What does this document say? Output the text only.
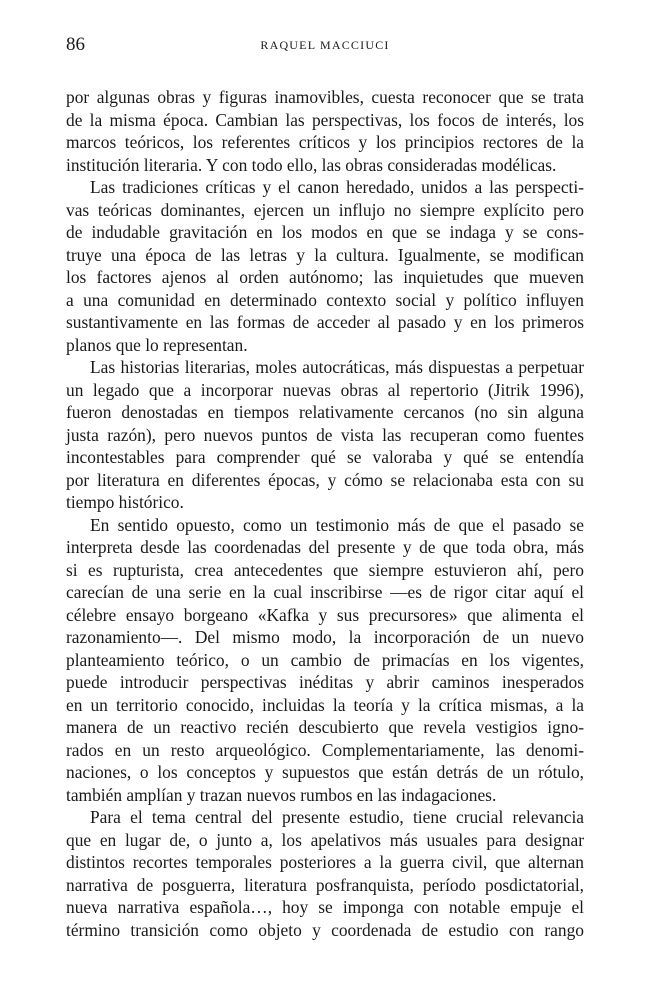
86	RAQUEL MACCIUCI
por algunas obras y figuras inamovibles, cuesta reconocer que se trata
de la misma época. Cambian las perspectivas, los focos de interés, los
marcos teóricos, los referentes críticos y los principios rectores de la
institución literaria. Y con todo ello, las obras consideradas modélicas.
Las tradiciones críticas y el canon heredado, unidos a las perspecti-
vas teóricas dominantes, ejercen un influjo no siempre explícito pero
de indudable gravitación en los modos en que se indaga y se cons-
truye una época de las letras y la cultura. Igualmente, se modifican
los factores ajenos al orden autónomo; las inquietudes que mueven
a una comunidad en determinado contexto social y político influyen
sustantivamente en las formas de acceder al pasado y en los primeros
planos que lo representan.
Las historias literarias, moles autocráticas, más dispuestas a perpetuar
un legado que a incorporar nuevas obras al repertorio (Jitrik 1996),
fueron denostadas en tiempos relativamente cercanos (no sin alguna
justa razón), pero nuevos puntos de vista las recuperan como fuentes
incontestables para comprender qué se valoraba y qué se entendía
por literatura en diferentes épocas, y cómo se relacionaba esta con su
tiempo histórico.
En sentido opuesto, como un testimonio más de que el pasado se
interpreta desde las coordenadas del presente y de que toda obra, más
si es rupturista, crea antecedentes que siempre estuvieron ahí, pero
carecían de una serie en la cual inscribirse —es de rigor citar aquí el
célebre ensayo borgeano «Kafka y sus precursores» que alimenta el
razonamiento—. Del mismo modo, la incorporación de un nuevo
planteamiento teórico, o un cambio de primacías en los vigentes,
puede introducir perspectivas inéditas y abrir caminos inesperados
en un territorio conocido, incluidas la teoría y la crítica mismas, a la
manera de un reactivo recién descubierto que revela vestigios igno-
rados en un resto arqueológico. Complementariamente, las denomi-
naciones, o los conceptos y supuestos que están detrás de un rótulo,
también amplían y trazan nuevos rumbos en las indagaciones.
Para el tema central del presente estudio, tiene crucial relevancia
que en lugar de, o junto a, los apelativos más usuales para designar
distintos recortes temporales posteriores a la guerra civil, que alternan
narrativa de posguerra, literatura posfranquista, período posdictatorial,
nueva narrativa española…, hoy se imponga con notable empuje el
término transición como objeto y coordenada de estudio con rango
